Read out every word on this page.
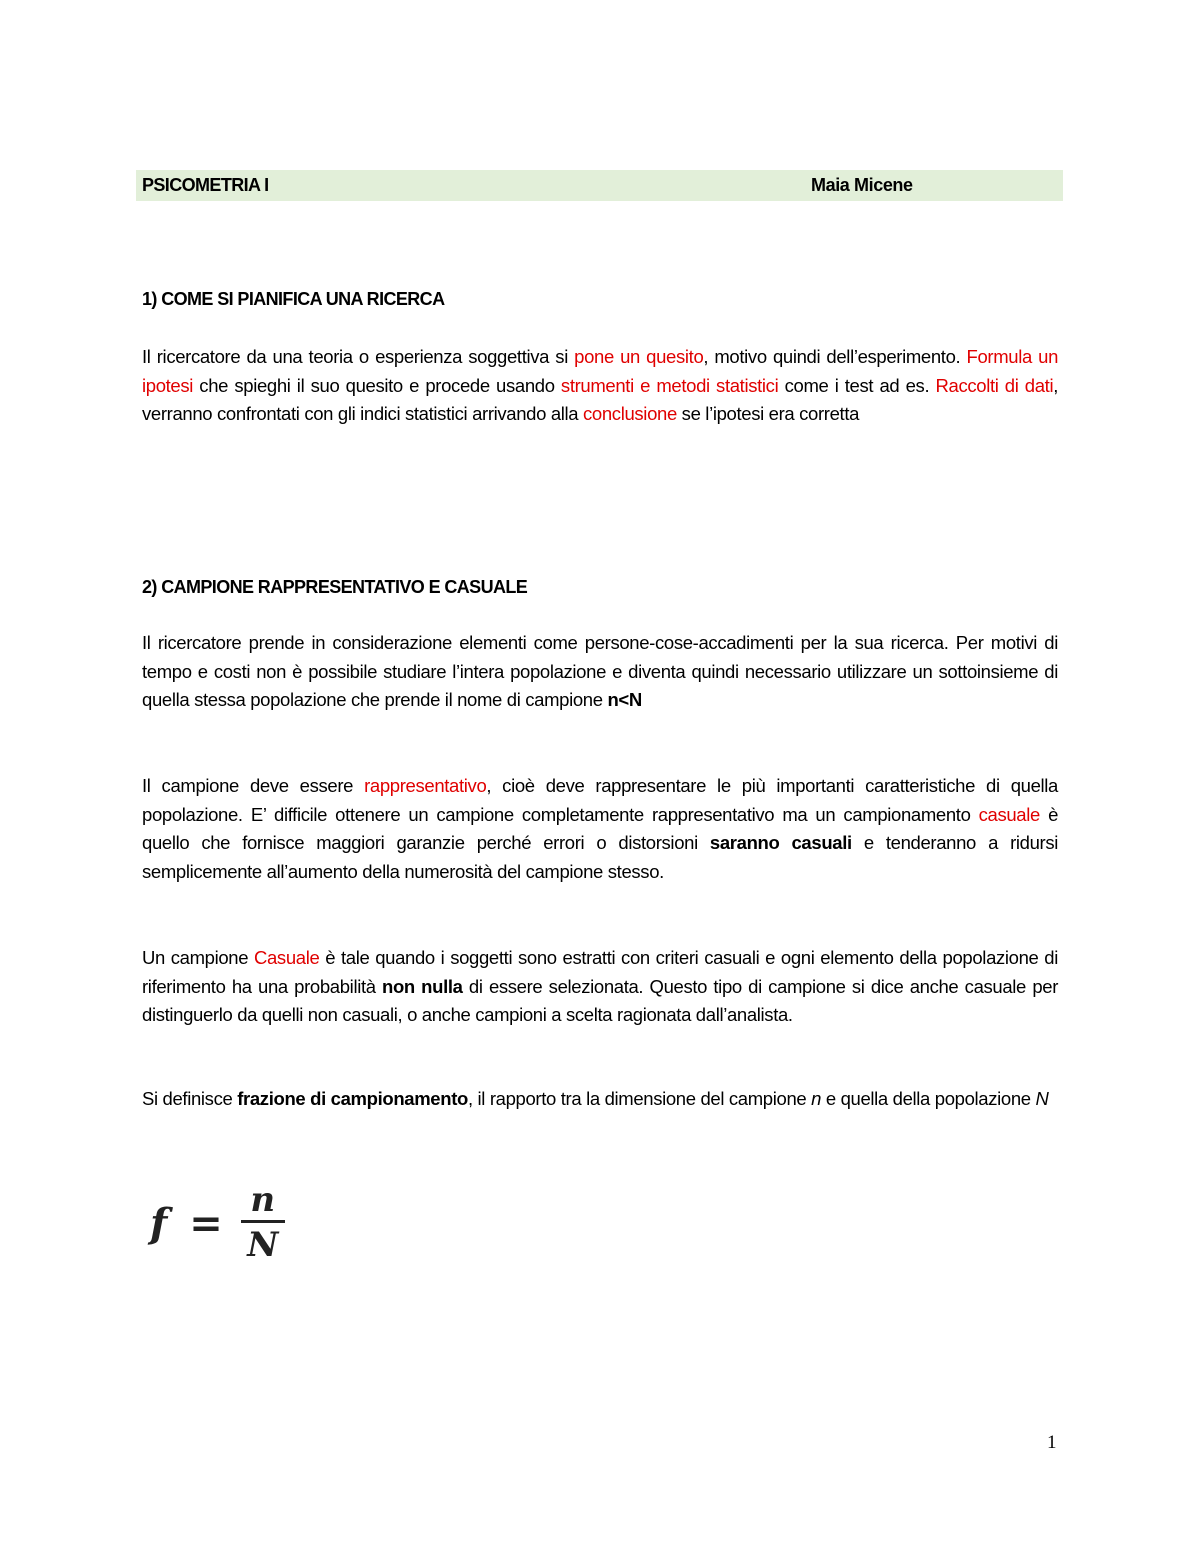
PSICOMETRIA I	Maia Micene
1) COME SI PIANIFICA UNA RICERCA
Il ricercatore da una teoria o esperienza soggettiva si pone un quesito, motivo quindi dell’esperimento. Formula un ipotesi che spieghi il suo quesito e procede usando strumenti e metodi statistici come i test ad es. Raccolti di dati, verranno confrontati con gli indici statistici arrivando alla conclusione se l’ipotesi era corretta
2) CAMPIONE RAPPRESENTATIVO E CASUALE
Il ricercatore prende in considerazione elementi come persone-cose-accadimenti per la sua ricerca. Per motivi di tempo e costi non è possibile studiare l’intera popolazione e diventa quindi necessario utilizzare un sottoinsieme di quella stessa popolazione che prende il nome di campione n<N
Il campione deve essere rappresentativo, cioè deve rappresentare le più importanti caratteristiche di quella popolazione. E’ difficile ottenere un campione completamente rappresentativo ma un campionamento casuale è quello che fornisce maggiori garanzie perché errori o distorsioni saranno casuali e tenderanno a ridursi semplicemente all’aumento della numerosità del campione stesso.
Un campione Casuale è tale quando i soggetti sono estratti con criteri casuali e ogni elemento della popolazione di riferimento ha una probabilità non nulla di essere selezionata. Questo tipo di campione si dice anche casuale per distinguerlo da quelli non casuali, o anche campioni a scelta ragionata dall’analista.
Si definisce frazione di campionamento, il rapporto tra la dimensione del campione n e quella della popolazione N
$f = \frac{n}{N}$
1
